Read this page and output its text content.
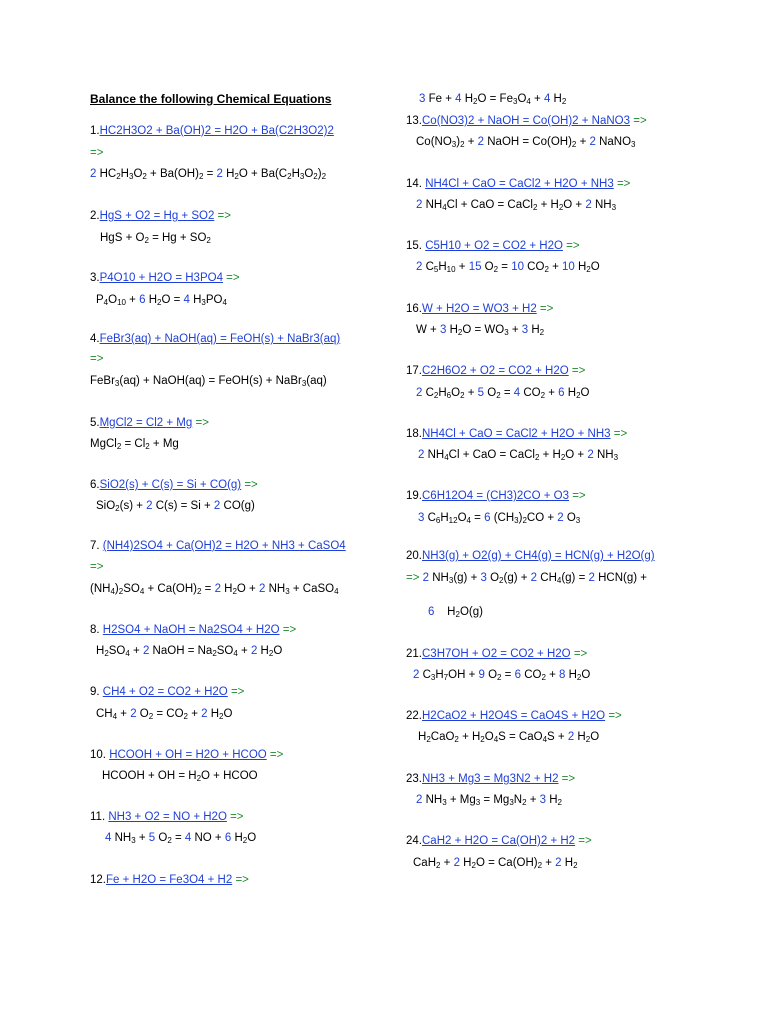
Balance the following Chemical Equations
1.HC2H3O2 + Ba(OH)2 = H2O + Ba(C2H3O2)2
=>
2 $HC_2H_3O_2 + Ba(OH)_2 = 2$ $H_2O + Ba(C_2H_3O_2)_2$
2.HgS + O2 = Hg + SO2 =>
HgS + $O_2 = Hg + SO_2$
3.P4O10 + H2O = H3PO4 =>
$P_4O_{10} + 6$ $H_2O = 4$ $H_3PO_4$
4.FeBr3(aq) + NaOH(aq) = FeOH(s) + NaBr3(aq)
=>
FeBr$_3$(aq) + NaOH(aq) = FeOH(s) + NaBr$_3$(aq)
5.MgCl2 = Cl2 + Mg =>
MgCl$_2$ = $Cl_2 + Mg$
6.SiO2(s) + C(s) = Si + CO(g) =>
SiO$_2$(s) + 2 C(s) = Si + 2 CO(g)
7. (NH4)2SO4 + Ca(OH)2 = H2O + NH3 + CaSO4
=>
$(NH_4)_2SO_4 + Ca(OH)_2 = 2$ $H_2O + 2$ $NH_3$ + CaSO$_4$
8. H2SO4 + NaOH = Na2SO4 + H2O =>
$H_2SO_4 + 2$ NaOH = $Na_2SO_4 + 2$ $H_2O$
9. CH4 + O2 = CO2 + H2O =>
$CH_4 + 2$ $O_2 = CO_2 + 2$ $H_2O$
10. HCOOH + OH = H2O + HCOO =>
HCOOH + OH = $H_2O$ + HCOO
11. NH3 + O2 = NO + H2O =>
4 $NH_3 + 5$ $O_2 = 4$ NO + 6 $H_2O$
12.Fe + H2O = Fe3O4 + H2 =>
3 Fe + 4 $H_2O = Fe_3O_4 + 4$ $H_2$
13.Co(NO3)2 + NaOH = Co(OH)2 + NaNO3 =>
$Co(NO_3)_2 + 2$ NaOH = $Co(OH)_2 + 2$ NaNO$_3$
14. NH4Cl + CaO = CaCl2 + H2O + NH3 =>
2 $NH_4Cl$ + CaO = CaCl$_2$ + $H_2O + 2$ $NH_3$
15. C5H10 + O2 = CO2 + H2O =>
2 $C_5H_{10} + 15$ $O_2 = 10$ $CO_2 + 10$ $H_2O$
16.W + H2O = WO3 + H2 =>
W + 3 $H_2O = WO_3 + 3$ $H_2$
17.C2H6O2 + O2 = CO2 + H2O =>
2 $C_2H_6O_2 + 5$ $O_2 = 4$ $CO_2 + 6$ $H_2O$
18.NH4Cl + CaO = CaCl2 + H2O + NH3 =>
2 $NH_4Cl$ + CaO = CaCl$_2$ + $H_2O + 2$ $NH_3$
19.C6H12O4 = (CH3)2CO + O3 =>
3 $C_6H_{12}O_4 = 6$ $(CH_3)_2CO + 2$ $O_3$
20.NH3(g) + O2(g) + CH4(g) = HCN(g) + H2O(g)
=> 2 $NH_3(g) + 3$ $O_2(g) + 2$ $CH_4(g) = 2$ HCN(g) +
6    $H_2O(g)$
21.C3H7OH + O2 = CO2 + H2O =>
2 $C_3H_7OH + 9$ $O_2 = 6$ $CO_2 + 8$ $H_2O$
22.H2CaO2 + H2O4S = CaO4S + H2O =>
$H_2CaO_2 + H_2O_4S = CaO_4S + 2$ $H_2O$
23.NH3 + Mg3 = Mg3N2 + H2 =>
2 $NH_3 + Mg_3 = Mg_3N_2 + 3$ $H_2$
24.CaH2 + H2O = Ca(OH)2 + H2 =>
CaH$_2$ + 2 $H_2O = Ca(OH)_2 + 2$ $H_2$
